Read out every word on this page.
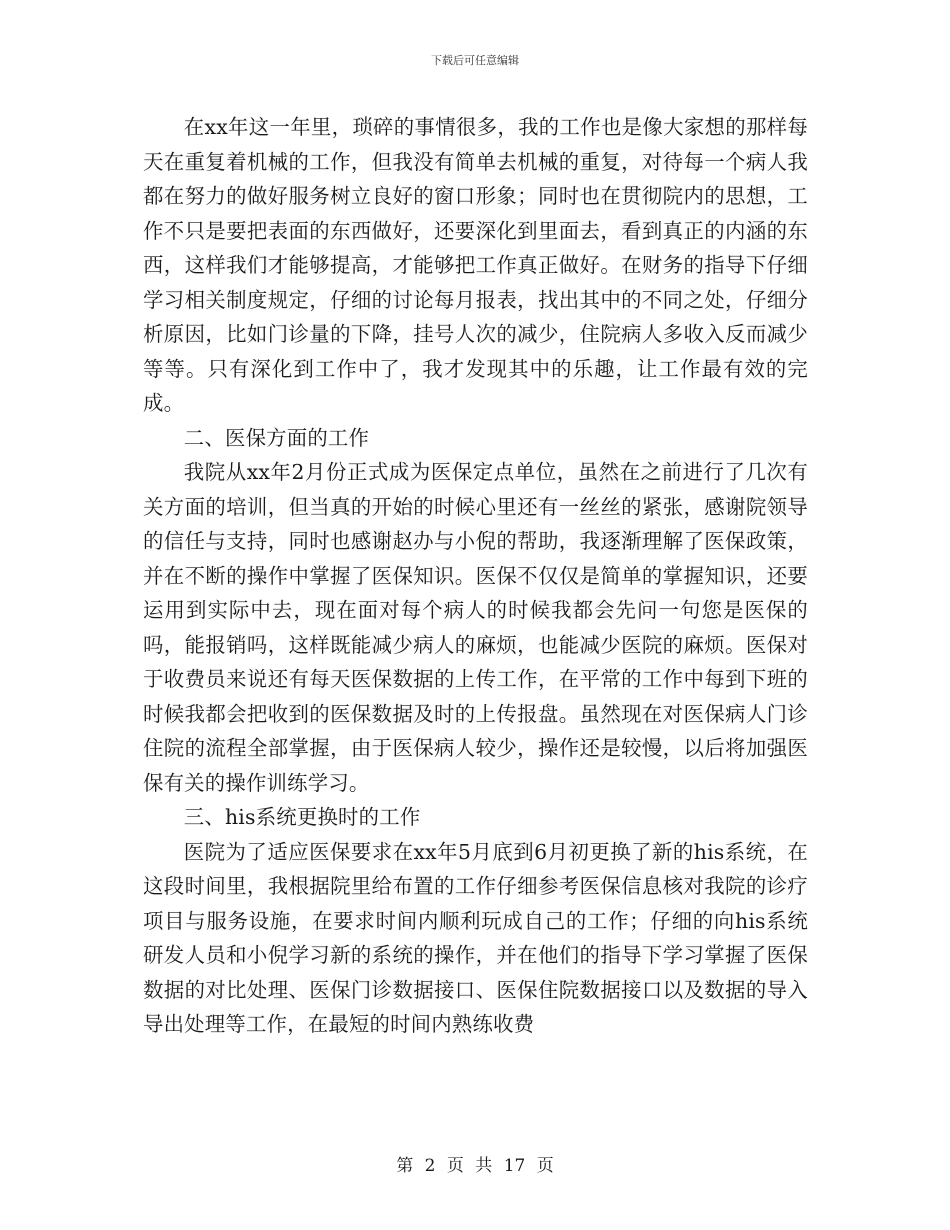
下载后可任意编辑

在xx年这一年里，琐碎的事情很多，我的工作也是像大家想的那样每天在重复着机械的工作，但我没有简单去机械的重复，对待每一个病人我都在努力的做好服务树立良好的窗口形象；同时也在贯彻院内的思想，工作不只是要把表面的东西做好，还要深化到里面去，看到真正的内涵的东西，这样我们才能够提高，才能够把工作真正做好。在财务的指导下仔细学习相关制度规定，仔细的讨论每月报表，找出其中的不同之处，仔细分析原因，比如门诊量的下降，挂号人次的减少，住院病人多收入反而减少等等。只有深化到工作中了，我才发现其中的乐趣，让工作最有效的完成。

二、医保方面的工作

我院从xx年2月份正式成为医保定点单位，虽然在之前进行了几次有关方面的培训，但当真的开始的时候心里还有一丝丝的紧张，感谢院领导的信任与支持，同时也感谢赵办与小倪的帮助，我逐渐理解了医保政策，并在不断的操作中掌握了医保知识。医保不仅仅是简单的掌握知识，还要运用到实际中去，现在面对每个病人的时候我都会先问一句您是医保的吗，能报销吗，这样既能减少病人的麻烦，也能减少医院的麻烦。医保对于收费员来说还有每天医保数据的上传工作，在平常的工作中每到下班的时候我都会把收到的医保数据及时的上传报盘。虽然现在对医保病人门诊住院的流程全部掌握，由于医保病人较少，操作还是较慢，以后将加强医保有关的操作训练学习。

三、his系统更换时的工作

医院为了适应医保要求在xx年5月底到6月初更换了新的his系统，在这段时间里，我根据院里给布置的工作仔细参考医保信息核对我院的诊疗项目与服务设施，在要求时间内顺利玩成自己的工作；仔细的向his系统研发人员和小倪学习新的系统的操作，并在他们的指导下学习掌握了医保数据的对比处理、医保门诊数据接口、医保住院数据接口以及数据的导入导出处理等工作，在最短的时间内熟练收费

第 2 页 共 17 页
